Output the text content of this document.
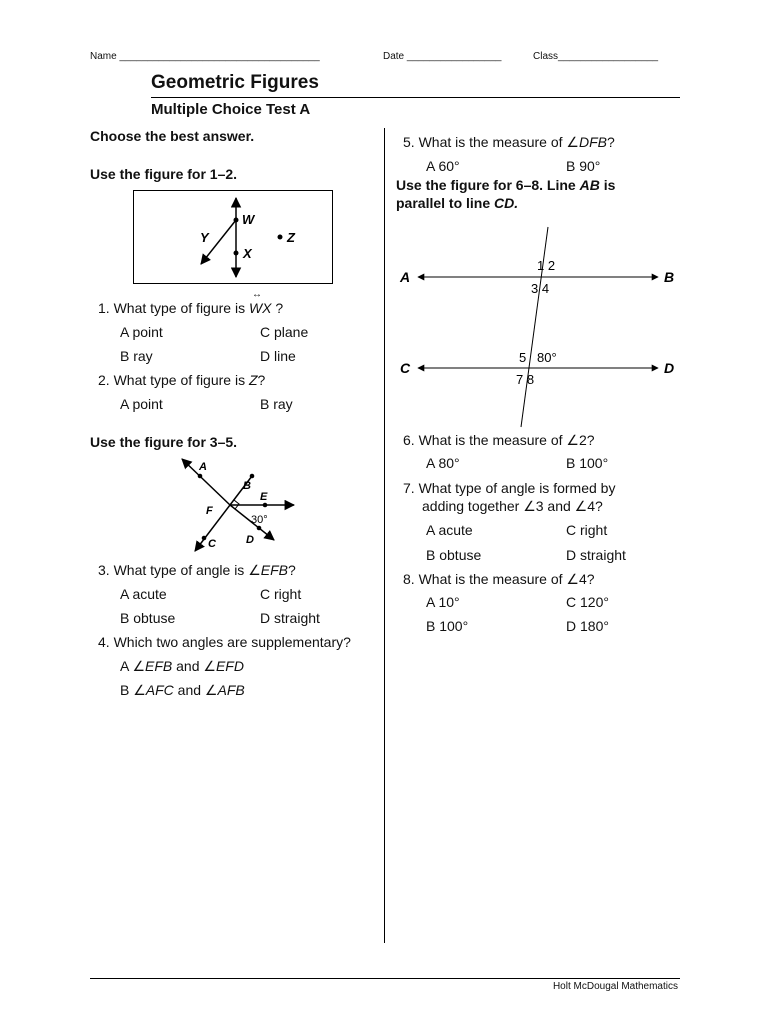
Name ____________________________________	Date _________________	Class__________________
Geometric Figures
Multiple Choice Test A
Choose the best answer.
Use the figure for 1–2.
W
X
Y	Z
1. What type of figure is
↔
WX ?
A point	C plane
B ray	D line
2. What type of figure is Z?
A point	B ray
Use the figure for 3–5.
A
B
E
F
C	D
30°
3. What type of angle is ∠EFB?
A acute	C right
B obtuse	D straight
4. Which two angles are supplementary?
A ∠EFB and ∠EFD
B ∠AFC and ∠AFB
5. What is the measure of ∠DFB?
A 60°	B 90°
Use the figure for 6–8. Line AB is
parallel to line CD.
A	B
C	D
1 2
3 4
5 80°
7 8
6. What is the measure of ∠2?
A 80°	B 100°
7. What type of angle is formed by
adding together ∠3 and ∠4?
A acute	C right
B obtuse	D straight
8. What is the measure of ∠4?
A 10°	C 120°
B 100°	D 180°
Holt McDougal Mathematics
